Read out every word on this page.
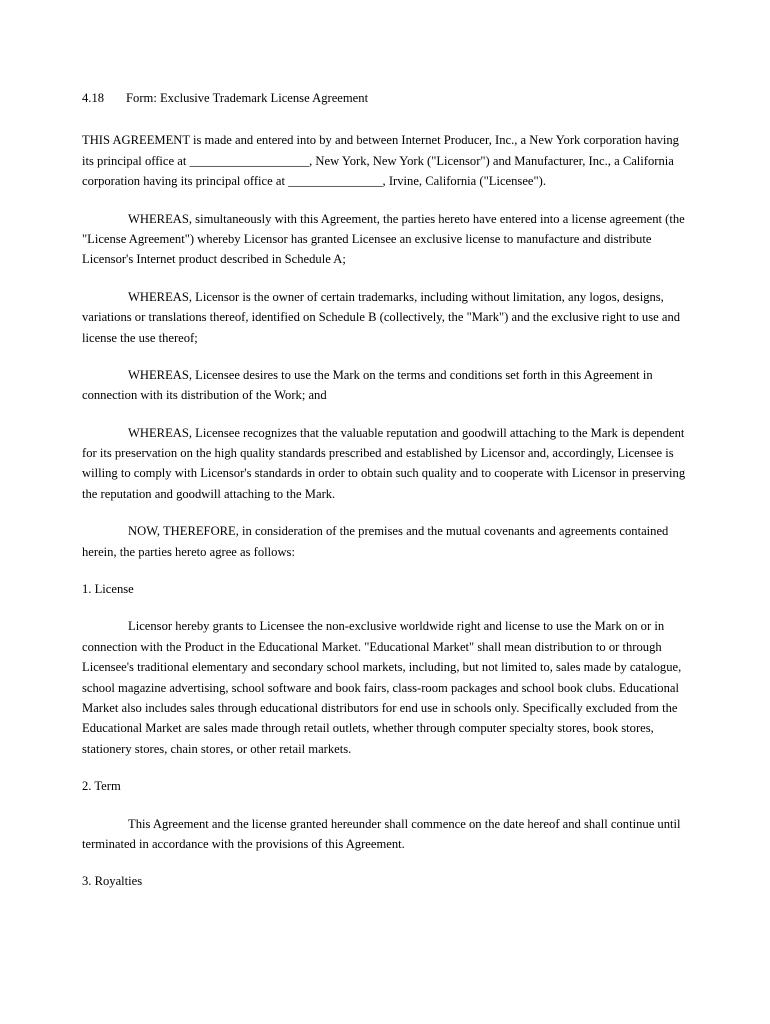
4.18 Form: Exclusive Trademark License Agreement

THIS AGREEMENT is made and entered into by and between Internet Producer, Inc., a New York corporation having its principal office at ___________________, New York, New York ("Licensor") and Manufacturer, Inc., a California corporation having its principal office at _______________, Irvine, California ("Licensee").

WHEREAS, simultaneously with this Agreement, the parties hereto have entered into a license agreement (the "License Agreement") whereby Licensor has granted Licensee an exclusive license to manufacture and distribute Licensor's Internet product described in Schedule A;

WHEREAS, Licensor is the owner of certain trademarks, including without limitation, any logos, designs, variations or translations thereof, identified on Schedule B (collectively, the "Mark") and the exclusive right to use and license the use thereof;

WHEREAS, Licensee desires to use the Mark on the terms and conditions set forth in this Agreement in connection with its distribution of the Work; and

WHEREAS, Licensee recognizes that the valuable reputation and goodwill attaching to the Mark is dependent for its preservation on the high quality standards prescribed and established by Licensor and, accordingly, Licensee is willing to comply with Licensor's standards in order to obtain such quality and to cooperate with Licensor in preserving the reputation and goodwill attaching to the Mark.

NOW, THEREFORE, in consideration of the premises and the mutual covenants and agreements contained herein, the parties hereto agree as follows:

1. License

Licensor hereby grants to Licensee the non-exclusive worldwide right and license to use the Mark on or in connection with the Product in the Educational Market. "Educational Market" shall mean distribution to or through Licensee's traditional elementary and secondary school markets, including, but not limited to, sales made by catalogue, school magazine advertising, school software and book fairs, class-room packages and school book clubs. Educational Market also includes sales through educational distributors for end use in schools only. Specifically excluded from the Educational Market are sales made through retail outlets, whether through computer specialty stores, book stores, stationery stores, chain stores, or other retail markets.

2. Term

This Agreement and the license granted hereunder shall commence on the date hereof and shall continue until terminated in accordance with the provisions of this Agreement.

3. Royalties
